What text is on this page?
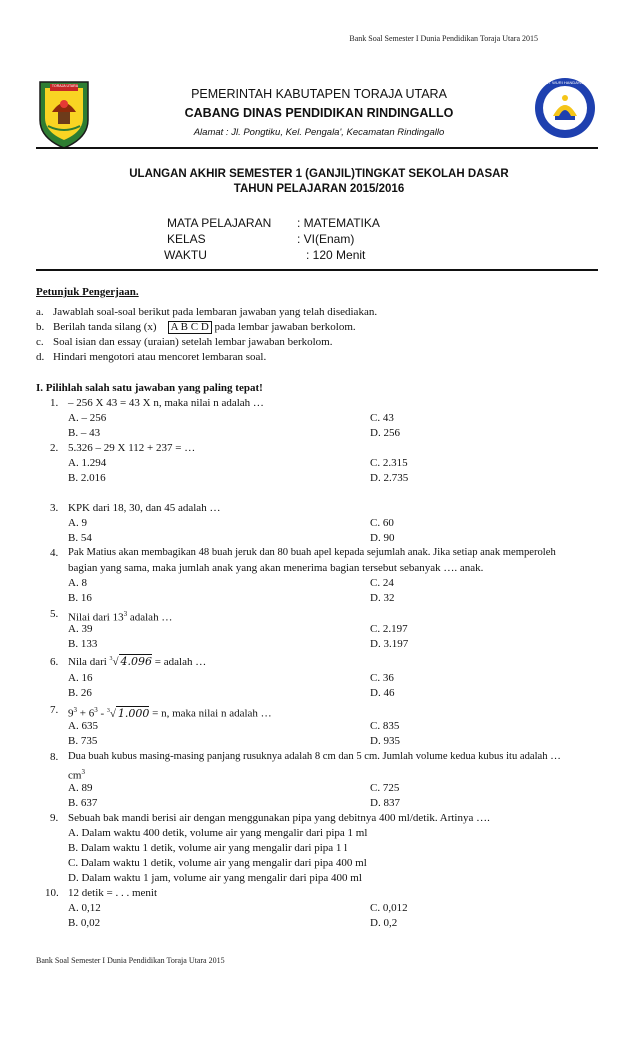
Bank Soal Semester I Dunia Pendidikan Toraja Utara 2015
TORAJA UTARA
TUT WURI HANDAYANI
PEMERINTAH KABUTAPEN TORAJA UTARA
CABANG DINAS PENDIDIKAN RINDINGALLO
Alamat : Jl. Pongtiku, Kel. Pengala', Kecamatan Rindingallo
ULANGAN AKHIR SEMESTER 1 (GANJIL)TINGKAT SEKOLAH DASAR
TAHUN PELAJARAN 2015/2016
MATA PELAJARAN : MATEMATIKA
KELAS	: VI(Enam)
WAKTU	: 120 Menit
Petunjuk Pengerjaan.
a. Jawablah soal-soal berikut pada lembaran jawaban yang telah disediakan.
b. Berilah tanda silang (x) A B C D pada lembar jawaban berkolom.
c. Soal isian dan essay (uraian) setelah lembar jawaban berkolom.
d. Hindari mengotori atau mencoret lembaran soal.
I. Pilihlah salah satu jawaban yang paling tepat!
1. – 256 X 43 = 43 X n, maka nilai n adalah …
A. – 256	C. 43
B. – 43	D. 256
2. 5.326 – 29 X 112 + 237 = …
A. 1.294	C. 2.315
B. 2.016	D. 2.735
3. KPK dari 18, 30, dan 45 adalah …
A. 9	C. 60
B. 54	D. 90
4. Pak Matius akan membagikan 48 buah jeruk dan 80 buah apel kepada sejumlah anak. Jika setiap anak memperoleh
bagian yang sama, maka jumlah anak yang akan menerima bagian tersebut sebanyak …. anak.
A. 8	C. 24
B. 16	D. 32
5. Nilai dari $13^3$ adalah …
A. 39	C. 2.197
B. 133	D. 3.197
6. Nila dari 3 √ 4.096 = adalah …
A. 16	C. 36
B. 26	D. 46
7. $9^3 + 6^3 - 3$ √ 1.000 = n, maka nilai n adalah …
A. 635	C. 835
B. 735	D. 935
8. Dua buah kubus masing-masing panjang rusuknya adalah 8 cm dan 5 cm. Jumlah volume kedua kubus itu adalah …
$cm^3$
A. 89	C. 725
B. 637	D. 837
9. Sebuah bak mandi berisi air dengan menggunakan pipa yang debitnya 400 ml/detik. Artinya ….
A. Dalam waktu 400 detik, volume air yang mengalir dari pipa 1 ml
B. Dalam waktu 1 detik, volume air yang mengalir dari pipa 1 l
C. Dalam waktu 1 detik, volume air yang mengalir dari pipa 400 ml
D. Dalam waktu 1 jam, volume air yang mengalir dari pipa 400 ml
10. 12 detik = . . . menit
A. 0,12	C. 0,012
B. 0,02	D. 0,2
Bank Soal Semester I Dunia Pendidikan Toraja Utara 2015
